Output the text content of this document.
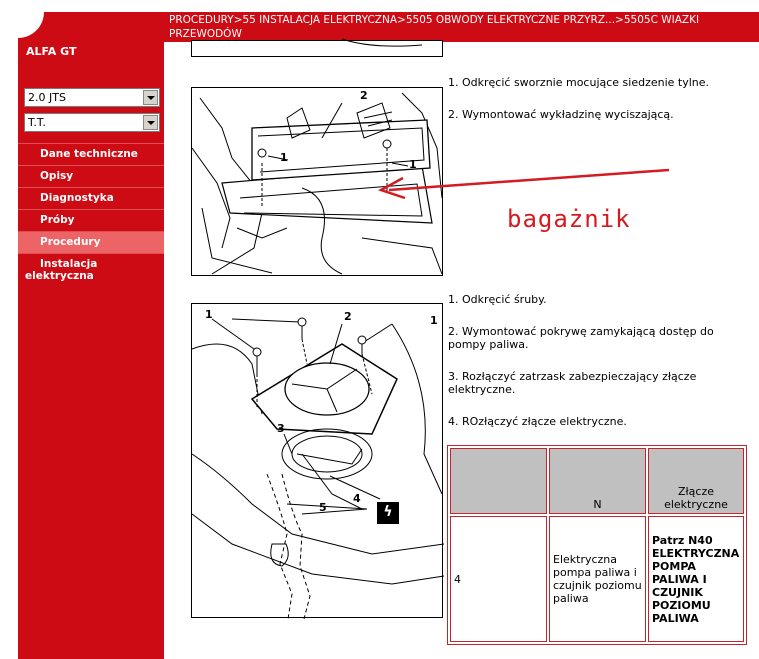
ALFA GT
2.0 JTS
T.T.
Dane techniczne
Opisy
Diagnostyka
Próby
Procedury
Instalacja elektryczna
PROCEDURY>55 INSTALACJA ELEKTRYCZNA>5505 OBWODY ELEKTRYCZNE PRZYRZ...>5505C WIAZKI PRZEWODÓW
1
1
2
bagażnik
1. Odkręcić sworznie mocujące siedzenie tylne.
2. Wymontować wykładzinę wyciszającą.
1	1
2
3
4
5	ϟ
1. Odkręcić śruby.
2. Wymontować pokrywę zamykającą dostęp do pompy paliwa.
3. Rozłączyć zatrzask zabezpieczający złącze elektryczne.
4. ROzłączyć złącze elektryczne.
	N	Złącze elektryczne
4	Elektryczna pompa paliwa i czujnik poziomu paliwa	Patrz N40 ELEKTRYCZNA POMPA PALIWA I CZUJNIK POZIOMU PALIWA
